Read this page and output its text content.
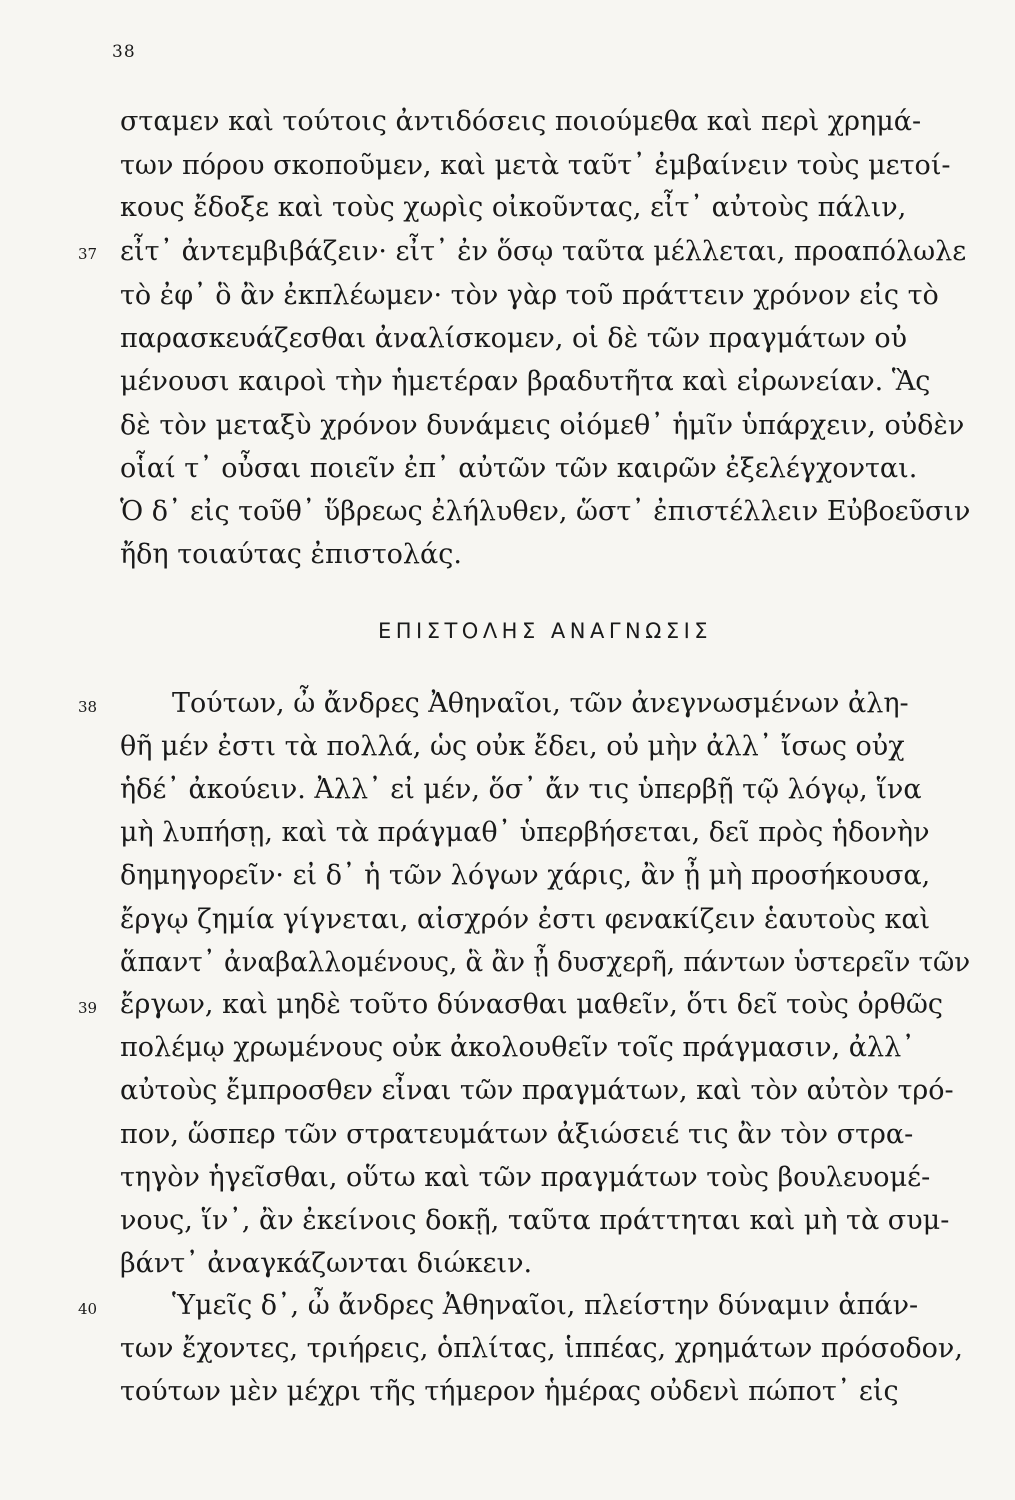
38
σταμεν καὶ τούτοις ἀντιδόσεις ποιούμεθα καὶ περὶ χρημά-
των πόρου σκοποῦμεν, καὶ μετὰ ταῦτ᾽ ἐμβαίνειν τοὺς μετοί-
κους ἔδοξε καὶ τοὺς χωρὶς οἰκοῦντας, εἶτ᾽ αὐτοὺς πάλιν,
37 εἶτ᾽ ἀντεμβιβάζειν· εἶτ᾽ ἐν ὅσῳ ταῦτα μέλλεται, προαπόλωλε
τὸ ἐφ᾽ ὃ ἂν ἐκπλέωμεν· τὸν γὰρ τοῦ πράττειν χρόνον εἰς τὸ
παρασκευάζεσθαι ἀναλίσκομεν, οἱ δὲ τῶν πραγμάτων οὐ
μένουσι καιροὶ τὴν ἡμετέραν βραδυτῆτα καὶ εἰρωνείαν. Ἃς
δὲ τὸν μεταξὺ χρόνον δυνάμεις οἰόμεθ᾽ ἡμῖν ὑπάρχειν, οὐδὲν
οἷαί τ᾽ οὖσαι ποιεῖν ἐπ᾽ αὐτῶν τῶν καιρῶν ἐξελέγχονται.
Ὁ δ᾽ εἰς τοῦθ᾽ ὕβρεως ἐλήλυθεν, ὥστ᾽ ἐπιστέλλειν Εὐβοεῦσιν
ἤδη τοιαύτας ἐπιστολάς.
ΕΠΙΣΤΟΛΗΣ ΑΝΑΓΝΩΣΙΣ
38	Τούτων, ὦ ἄνδρες Ἀθηναῖοι, τῶν ἀνεγνωσμένων ἀλη-
θῆ μέν ἐστι τὰ πολλά, ὡς οὐκ ἔδει, οὐ μὴν ἀλλ᾽ ἴσως οὐχ
ἡδέ᾽ ἀκούειν. Ἀλλ᾽ εἰ μέν, ὅσ᾽ ἄν τις ὑπερβῇ τῷ λόγῳ, ἵνα
μὴ λυπήσῃ, καὶ τὰ πράγμαθ᾽ ὑπερβήσεται, δεῖ πρὸς ἡδονὴν
δημηγορεῖν· εἰ δ᾽ ἡ τῶν λόγων χάρις, ἂν ᾖ μὴ προσήκουσα,
ἔργῳ ζημία γίγνεται, αἰσχρόν ἐστι φενακίζειν ἑαυτοὺς καὶ
ἅπαντ᾽ ἀναβαλλομένους, ἃ ἂν ᾖ δυσχερῆ, πάντων ὑστερεῖν τῶν
39 ἔργων, καὶ μηδὲ τοῦτο δύνασθαι μαθεῖν, ὅτι δεῖ τοὺς ὀρθῶς
πολέμῳ χρωμένους οὐκ ἀκολουθεῖν τοῖς πράγμασιν, ἀλλ᾽
αὐτοὺς ἔμπροσθεν εἶναι τῶν πραγμάτων, καὶ τὸν αὐτὸν τρό-
πον, ὥσπερ τῶν στρατευμάτων ἀξιώσειέ τις ἂν τὸν στρα-
τηγὸν ἡγεῖσθαι, οὕτω καὶ τῶν πραγμάτων τοὺς βουλευομέ-
νους, ἵν᾽, ἂν ἐκείνοις δοκῇ, ταῦτα πράττηται καὶ μὴ τὰ συμ-
βάντ᾽ ἀναγκάζωνται διώκειν.
40	Ὑμεῖς δ᾽, ὦ ἄνδρες Ἀθηναῖοι, πλείστην δύναμιν ἁπάν-
των ἔχοντες, τριήρεις, ὁπλίτας, ἱππέας, χρημάτων πρόσοδον,
τούτων μὲν μέχρι τῆς τήμερον ἡμέρας οὐδενὶ πώποτ᾽ εἰς
